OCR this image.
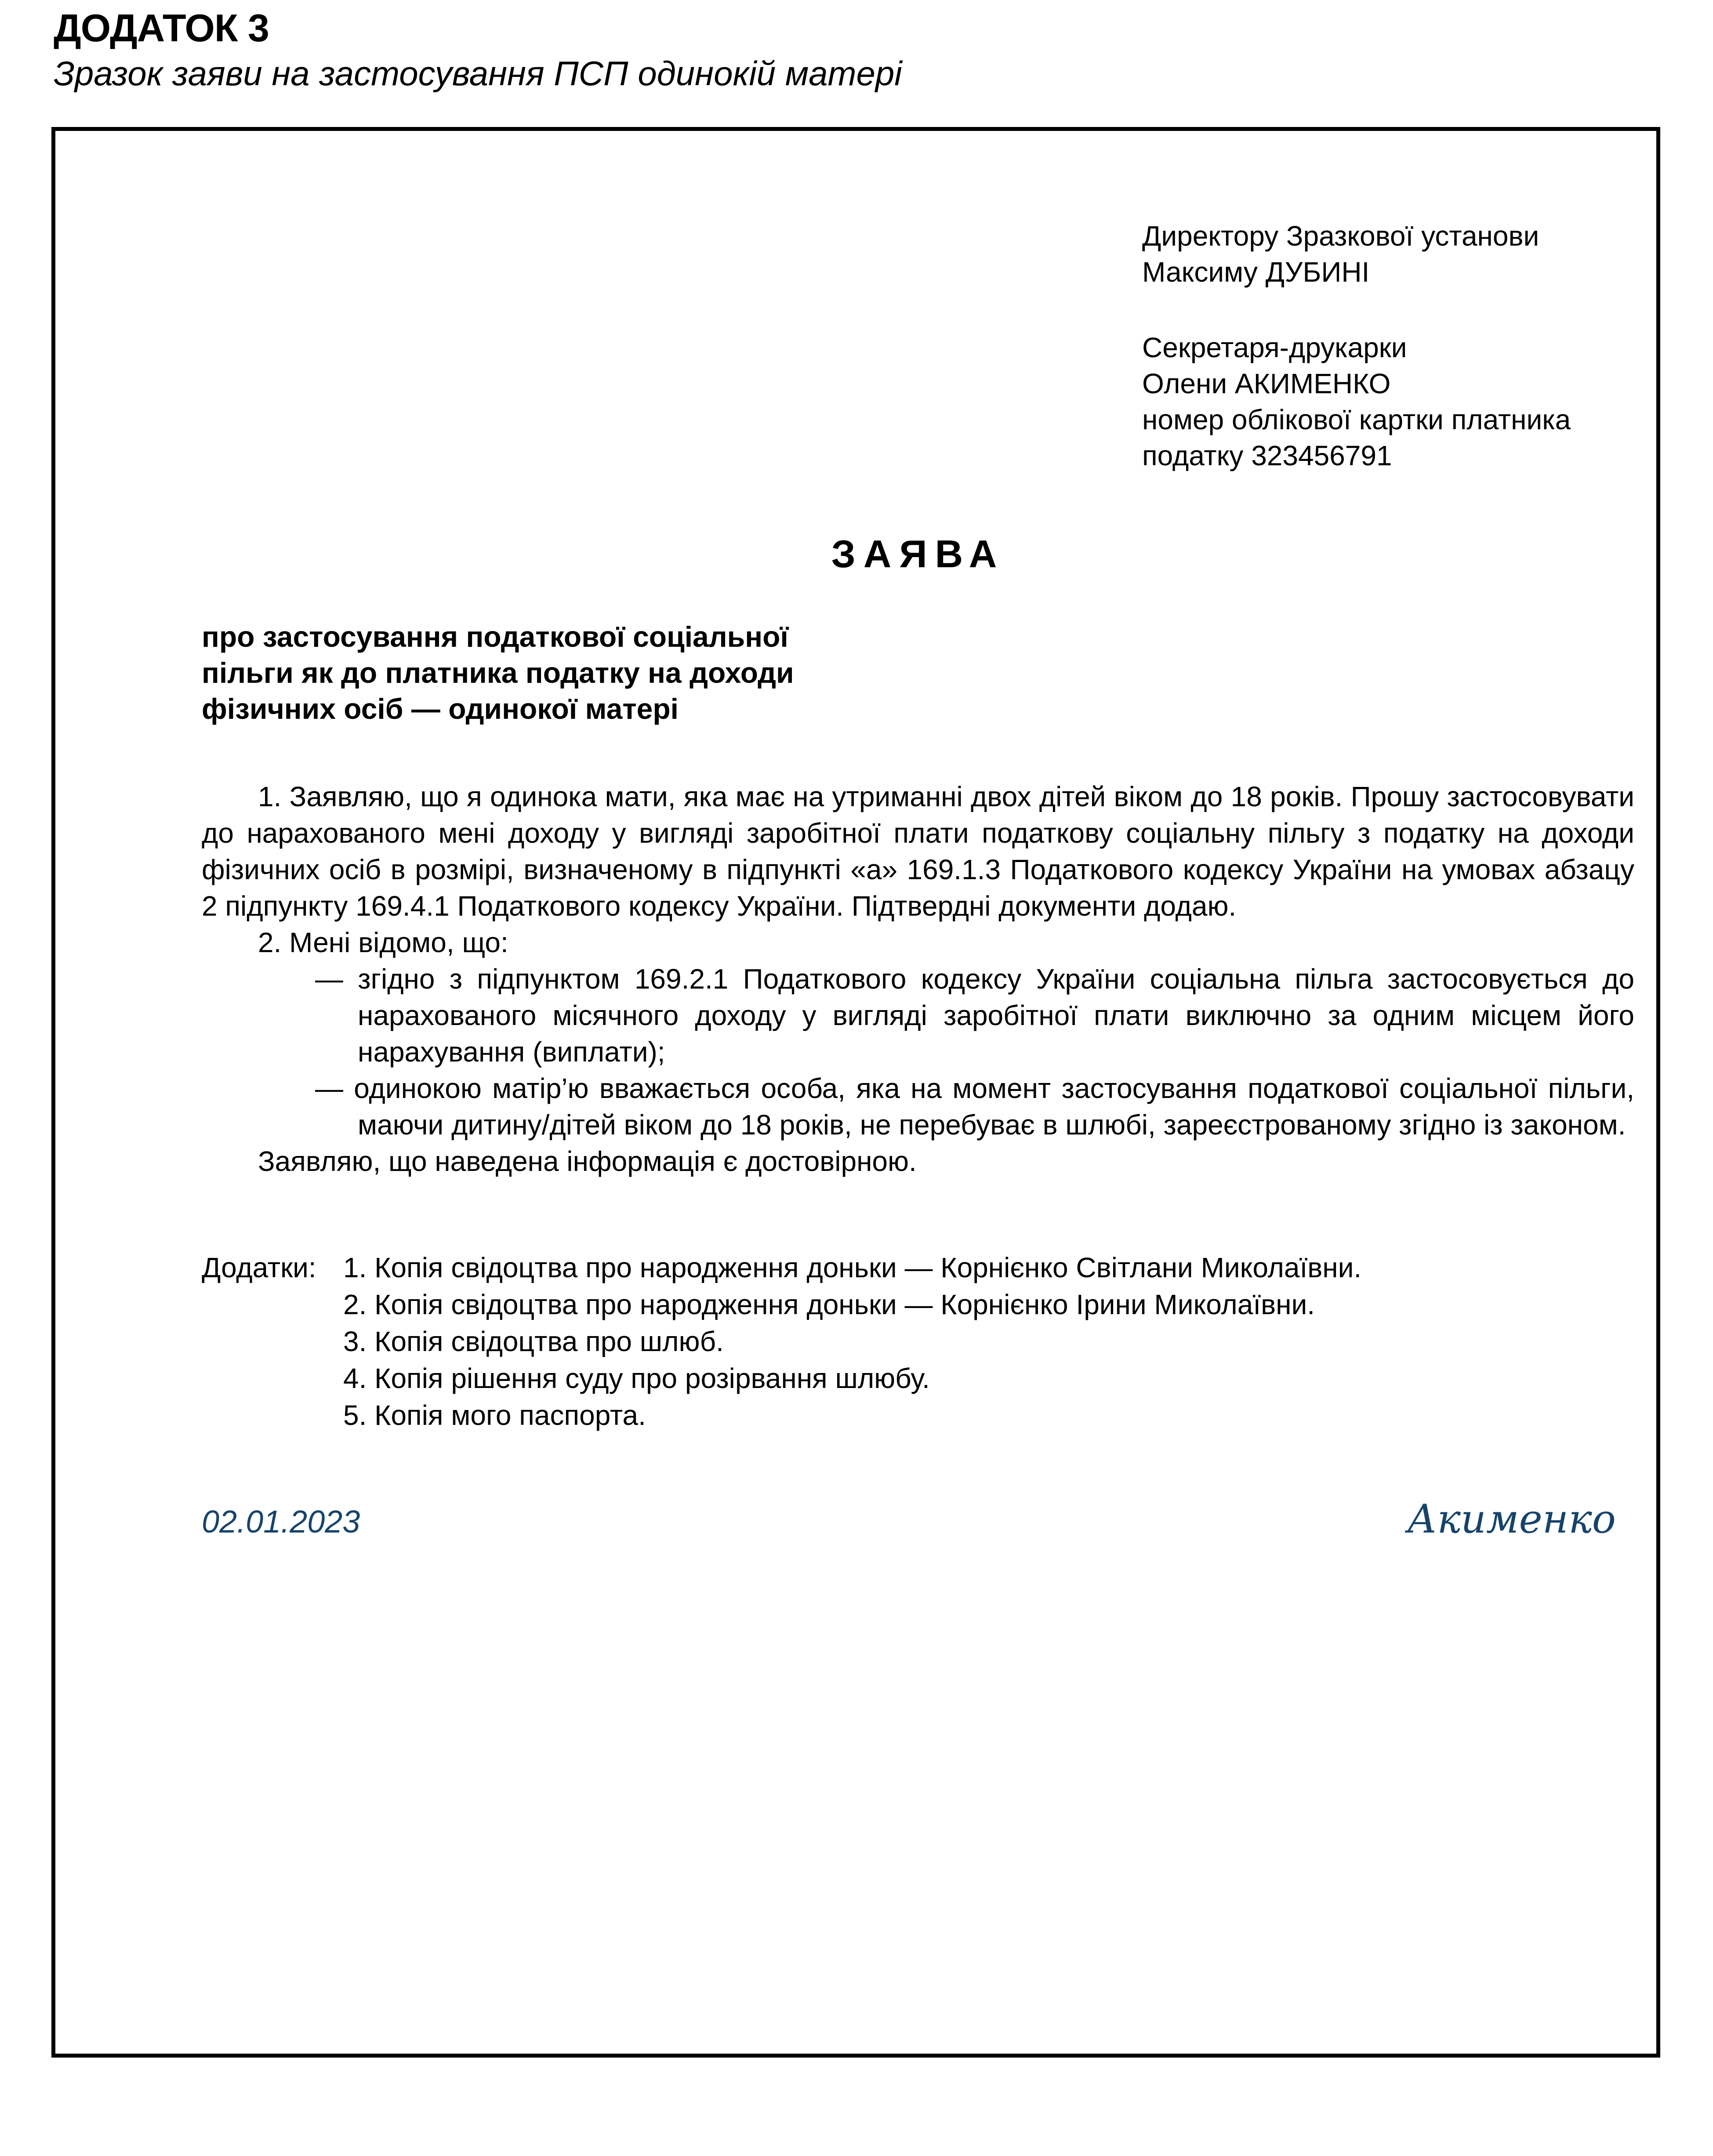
ДОДАТОК 3
Зразок заяви на застосування ПСП одинокій матері
Директору Зразкової установи
Максиму ДУБИНІ
Секретаря-друкарки
Олени АКИМЕНКО
номер облікової картки платника
податку 323456791
ЗАЯВА
про застосування податкової соціальної
пільги як до платника податку на доходи
фізичних осіб — одинокої матері

1. Заявляю, що я одинока мати, яка має на утриманні двох дітей віком до 18 років. Прошу застосовувати до нарахованого мені доходу у вигляді заробітної плати податкову соціальну пільгу з податку на доходи фізичних осіб в розмірі, визначеному в підпункті «а» 169.1.3 Податкового кодексу України на умовах абзацу 2 підпункту 169.4.1 Податкового кодексу України. Підтвердні документи додаю.

2. Мені відомо, що:

— згідно з підпунктом 169.2.1 Податкового кодексу України соціальна пільга застосовується до нарахованого місячного доходу у вигляді заробітної плати виключно за одним місцем його нарахування (виплати);
— одинокою матір’ю вважається особа, яка на момент застосування податкової соціальної пільги, маючи дитину/дітей віком до 18 років, не перебуває в шлюбі, зареєстрованому згідно із законом.

Заявляю, що наведена інформація є достовірною.

Додатки: 1. Копія свідоцтва про народження доньки — Корнієнко Світлани Миколаївни.
2. Копія свідоцтва про народження доньки — Корнієнко Ірини Миколаївни.
3. Копія свідоцтва про шлюб.
4. Копія рішення суду про розірвання шлюбу.
5. Копія мого паспорта.
02.01.2023	Акименко
